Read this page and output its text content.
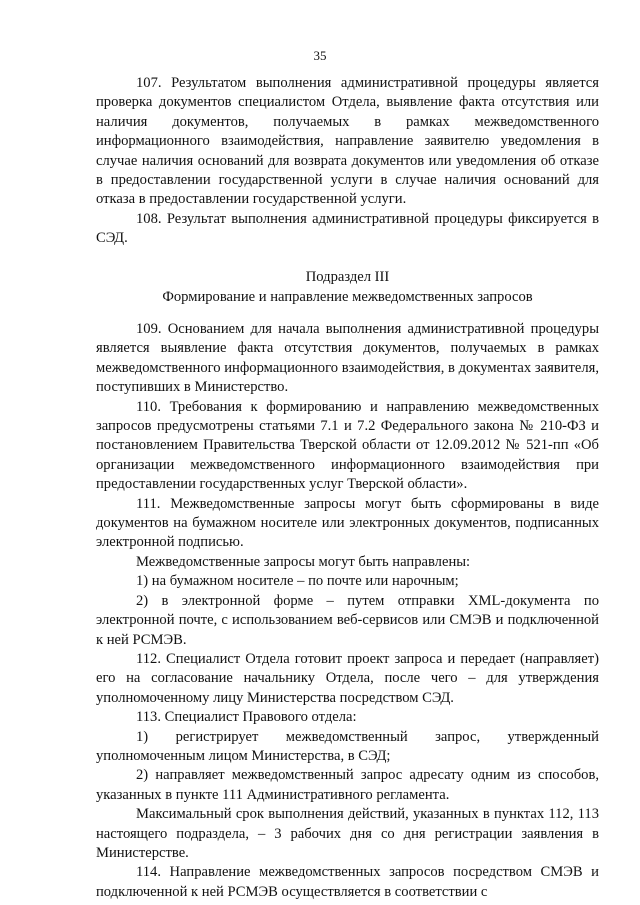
35

107. Результатом выполнения административной процедуры является проверка документов специалистом Отдела, выявление факта отсутствия или наличия документов, получаемых в рамках межведомственного информационного взаимодействия, направление заявителю уведомления в случае наличия оснований для возврата документов или уведомления об отказе в предоставлении государственной услуги в случае наличия оснований для отказа в предоставлении государственной услуги.

108. Результат выполнения административной процедуры фиксируется в СЭД.

Подраздел III
Формирование и направление межведомственных запросов

109. Основанием для начала выполнения административной процедуры является выявление факта отсутствия документов, получаемых в рамках межведомственного информационного взаимодействия, в документах заявителя, поступивших в Министерство.

110. Требования к формированию и направлению межведомственных запросов предусмотрены статьями 7.1 и 7.2 Федерального закона № 210-ФЗ и постановлением Правительства Тверской области от 12.09.2012 № 521-пп «Об организации межведомственного информационного взаимодействия при предоставлении государственных услуг Тверской области».

111. Межведомственные запросы могут быть сформированы в виде документов на бумажном носителе или электронных документов, подписанных электронной подписью.

Межведомственные запросы могут быть направлены:

1) на бумажном носителе – по почте или нарочным;

2) в электронной форме – путем отправки XML-документа по электронной почте, с использованием веб-сервисов или СМЭВ и подключенной к ней РСМЭВ.

112. Специалист Отдела готовит проект запроса и передает (направляет) его на согласование начальнику Отдела, после чего – для утверждения уполномоченному лицу Министерства посредством СЭД.

113. Специалист Правового отдела:

1) регистрирует межведомственный запрос, утвержденный уполномоченным лицом Министерства, в СЭД;

2) направляет межведомственный запрос адресату одним из способов, указанных в пункте 111 Административного регламента.

Максимальный срок выполнения действий, указанных в пунктах 112, 113 настоящего подраздела, – 3 рабочих дня со дня регистрации заявления в Министерстве.

114. Направление межведомственных запросов посредством СМЭВ и подключенной к ней РСМЭВ осуществляется в соответствии с
